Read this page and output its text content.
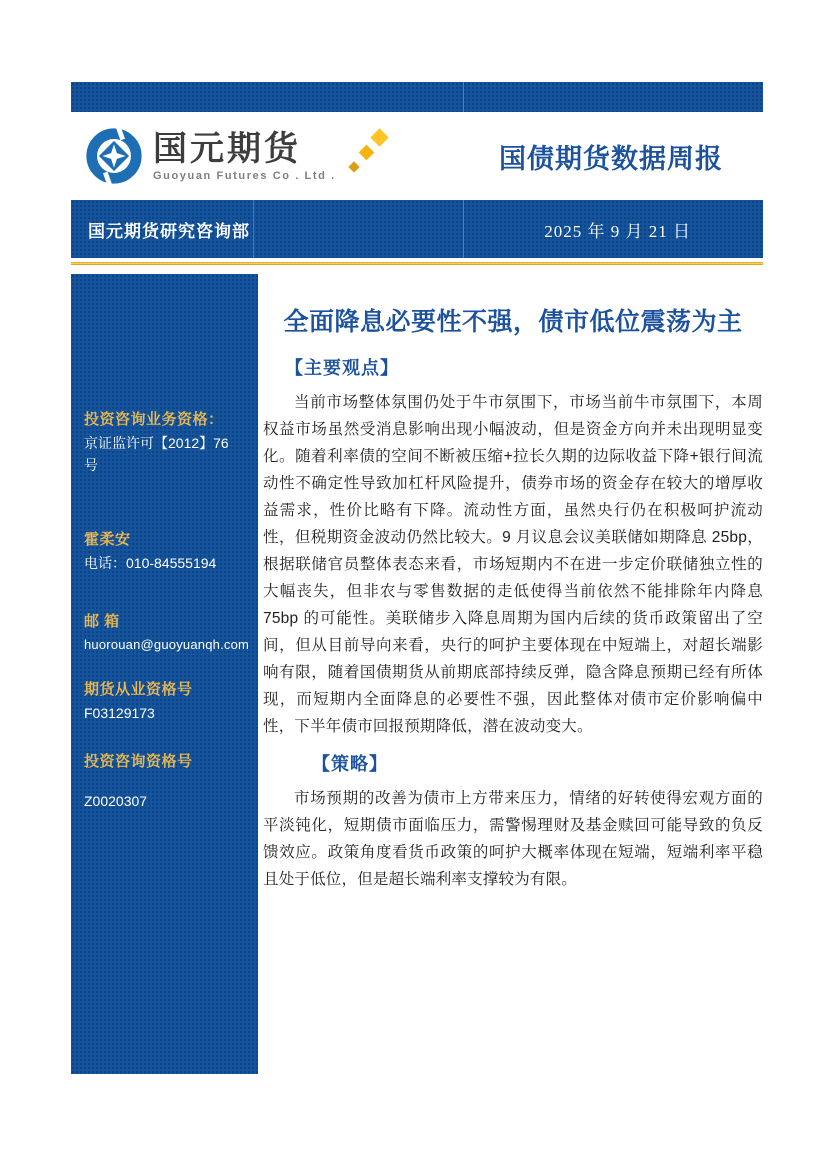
国元期货
Guoyuan Futures Co . Ltd .
国债期货数据周报
国元期货研究咨询部	2025 年 9 月 21 日
投资咨询业务资格：
京证监许可【2012】76 号
霍柔安
电话：010-84555194
邮 箱
huorouan@guoyuanqh.com
期货从业资格号
F03129173
投资咨询资格号
Z0020307
全面降息必要性不强，债市低位震荡为主
【主要观点】

当前市场整体氛围仍处于牛市氛围下，市场当前牛市氛围下，本周权益市场虽然受消息影响出现小幅波动，但是资金方向并未出现明显变化。随着利率债的空间不断被压缩+拉长久期的边际收益下降+银行间流动性不确定性导致加杠杆风险提升，债券市场的资金存在较大的增厚收益需求，性价比略有下降。流动性方面，虽然央行仍在积极呵护流动性，但税期资金波动仍然比较大。9 月议息会议美联储如期降息 25bp，根据联储官员整体表态来看，市场短期内不在进一步定价联储独立性的大幅丧失，但非农与零售数据的走低使得当前依然不能排除年内降息 75bp 的可能性。美联储步入降息周期为国内后续的货币政策留出了空间，但从目前导向来看，央行的呵护主要体现在中短端上，对超长端影响有限，随着国债期货从前期底部持续反弹，隐含降息预期已经有所体现，而短期内全面降息的必要性不强，因此整体对债市定价影响偏中性，下半年债市回报预期降低，潜在波动变大。

【策略】

市场预期的改善为债市上方带来压力，情绪的好转使得宏观方面的平淡钝化，短期债市面临压力，需警惕理财及基金赎回可能导致的负反馈效应。政策角度看货币政策的呵护大概率体现在短端，短端利率平稳且处于低位，但是超长端利率支撑较为有限。
